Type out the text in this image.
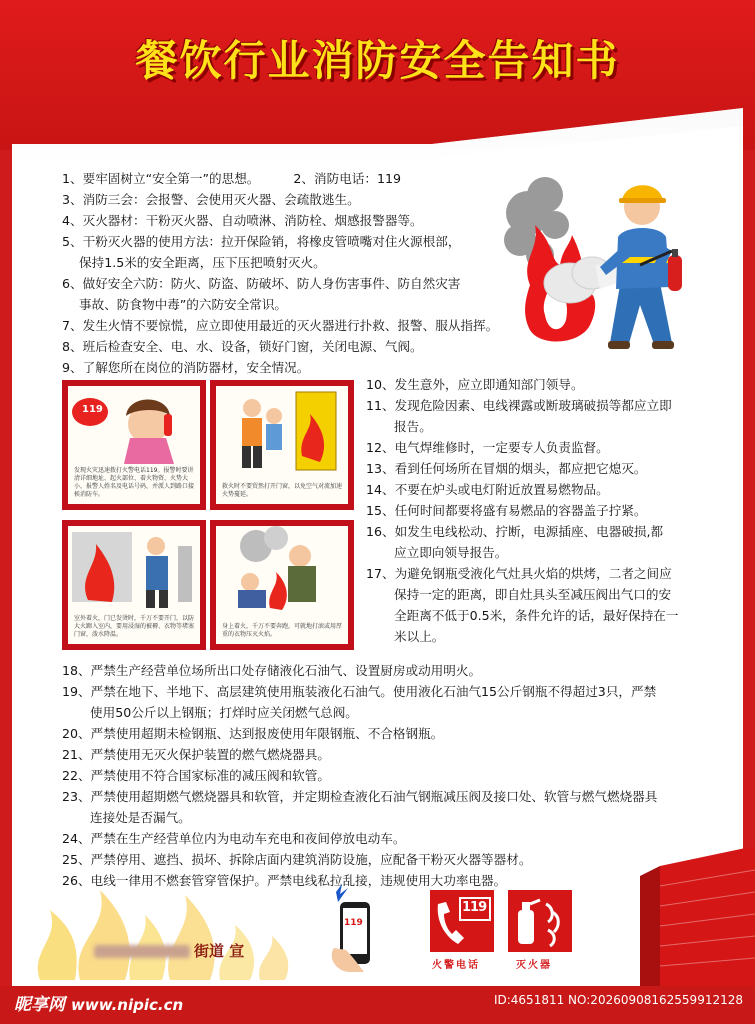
餐饮行业消防安全告知书
1、要牢固树立“安全第一”的思想。	2、消防电话：119
3、消防三会：会报警、会使用灭火器、会疏散逃生。
4、灭火器材：干粉灭火器、自动喷淋、消防栓、烟感报警器等。
5、干粉灭火器的使用方法：拉开保险销，将橡皮管喷嘴对住火源根部，
保持1.5米的安全距离，压下压把喷射灭火。
6、做好安全六防：防火、防盗、防破坏、防人身伤害事件、防自然灾害
事故、防食物中毒”的六防安全常识。
7、发生火情不要惊慌，应立即使用最近的灭火器进行扑救、报警、服从指挥。
8、班后检查安全、电、水、设备，锁好门窗，关闭电源、气阀。
9、了解您所在岗位的消防器材，安全情况。
119
发现火灾迅速拨打火警电话119。报警时要讲清详细地址、起火部位、着火物资、火势大小，报警人姓名及电话号码，并派人到路口接候消防车。
救火时不要贸然打开门窗，以免空气对流加速火势蔓延。
室外着火，门已发烫时，千万不要开门，以防大火蹿入室内，要用浸湿的被褥、衣物等堵塞门窗，泼水降温。
身上着火，千万不要奔跑，可就地打滚或用厚重的衣物压灭火焰。
10、发生意外，应立即通知部门领导。
11、发现危险因素、电线裸露或断玻璃破损等都应立即
报告。
12、电气焊维修时，一定要专人负责监督。
13、看到任何场所在冒烟的烟头，都应把它熄灭。
14、不要在炉头或电灯附近放置易燃物品。
15、任何时间都要将盛有易燃品的容器盖子拧紧。
16、如发生电线松动、拧断，电源插座、电器破损,都
应立即向领导报告。
17、为避免钢瓶受液化气灶具火焰的烘烤，二者之间应
保持一定的距离，即自灶具头至减压阀出气口的安
全距离不低于0.5米，条件允许的话，最好保持在一
米以上。
18、严禁生产经营单位场所出口处存储液化石油气、设置厨房或动用明火。
19、严禁在地下、半地下、高层建筑使用瓶装液化石油气。使用液化石油气15公斤钢瓶不得超过3只，严禁
使用50公斤以上钢瓶；打烊时应关闭燃气总阀。
20、严禁使用超期未检钢瓶、达到报废使用年限钢瓶、不合格钢瓶。
21、严禁使用无灭火保护装置的燃气燃烧器具。
22、严禁使用不符合国家标准的减压阀和软管。
23、严禁使用超期燃气燃烧器具和软管，并定期检查液化石油气钢瓶减压阀及接口处、软管与燃气燃烧器具
连接处是否漏气。
24、严禁在生产经营单位内为电动车充电和夜间停放电动车。
25、严禁停用、遮挡、损坏、拆除店面内建筑消防设施，应配备干粉灭火器等器材。
26、电线一律用不燃套管穿管保护。严禁电线私拉乱接，违规使用大功率电器。
街道 宣
119
119
火警电话	灭火器
昵享网 www.nipic.cn	ID:4651811 NO:20260908162559912128
